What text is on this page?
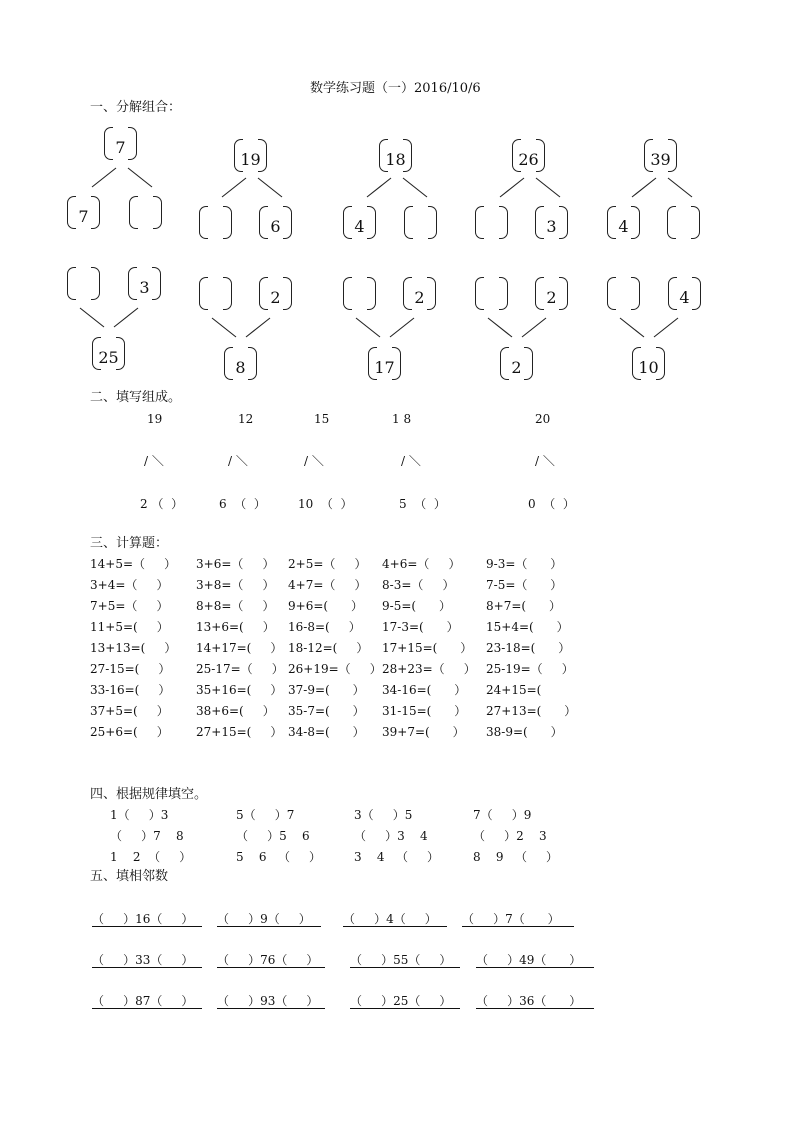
数学练习题（一）2016/10/6
一、分解组合：
7
7
19
6
18
4
26
3
39
4
3
25
2
8
2
17
2
2
4
10
二、填写组成。
19	12	15	1 8	20
/ ＼	/ ＼	/ ＼	/ ＼	/ ＼
2 （  ）	6  （  ）	10  （  ）	5  （  ）	0  （  ）
三、计算题：
14+5=（     ） 3+6=（     ） 2+5=（     ） 4+6=（     ） 9-3=（      ）
3+4=（     ） 3+8=（     ） 4+7=（     ） 8-3=（     ）	7-5=（      ）
7+5=（     ） 8+8=（     ） 9+6=(      ） 9-5=(      ）	8+7=(      ）
11+5=(     ） 13+6=(     ） 16-8=(     ） 17-3=(      ） 15+4=(      ）
13+13=(     ） 14+17=(     ） 18-12=(     ） 17+15=(      ） 23-18=(      ）
27-15=(     ） 25-17=（     ） 26+19=（     ） 28+23=（     ） 25-19=（     ）
33-16=(     ） 35+16=(     ） 37-9=(      ） 34-16=(      ） 24+15=(
37+5=(     ） 38+6=(     ） 35-7=(      ） 31-15=(      ） 27+13=(      ）
25+6=(     ） 27+15=(     ） 34-8=(      ） 39+7=(      ） 38-9=(      ）
四、根据规律填空。
1（     ）3	5（     ）7	3（     ）5	7（     ）9
（     ）7    8	（     ）5    6	（     ）3    4	（     ）2    3
1    2  （     ）	5    6   （     ）	3    4   （     ）	8    9   （     ）
五、填相邻数
（     ）16（     ） （     ）9（     ）	（     ）4（     ） （     ）7（      ）
（     ）33（     ） （     ）76（     ）	（     ）55（     ） （     ）49（      ）
（     ）87（     ） （     ）93（     ）	（     ）25（     ） （     ）36（      ）
